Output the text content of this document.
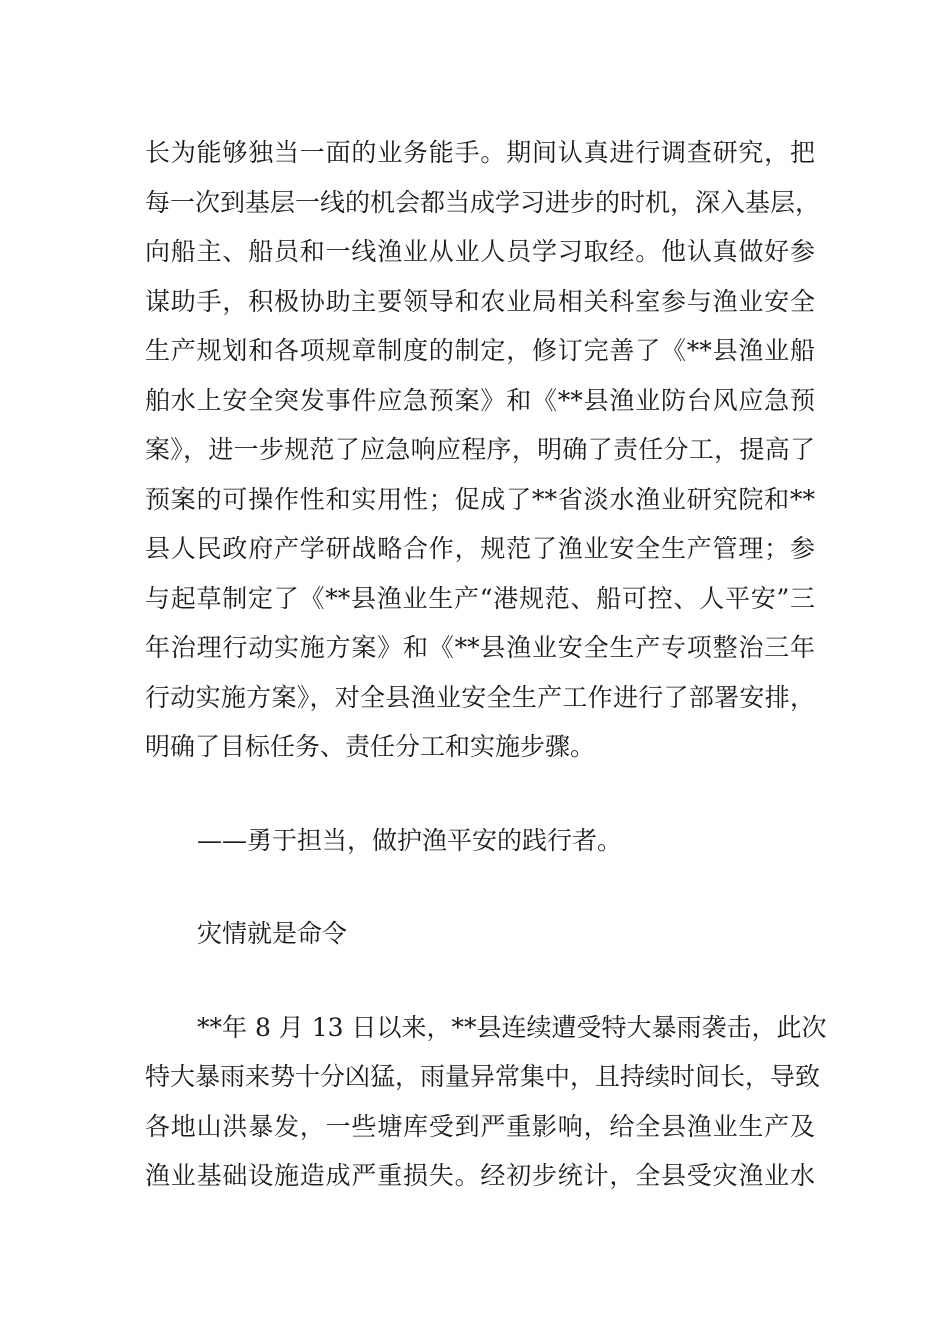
长为能够独当一面的业务能手。期间认真进行调查研究，把
每一次到基层一线的机会都当成学习进步的时机，深入基层，
向船主、船员和一线渔业从业人员学习取经。他认真做好参
谋助手，积极协助主要领导和农业局相关科室参与渔业安全
生产规划和各项规章制度的制定，修订完善了《**县渔业船
舶水上安全突发事件应急预案》和《**县渔业防台风应急预
案》，进一步规范了应急响应程序，明确了责任分工，提高了
预案的可操作性和实用性；促成了**省淡水渔业研究院和**
县人民政府产学研战略合作，规范了渔业安全生产管理；参
与起草制定了《**县渔业生产“港规范、船可控、人平安”三
年治理行动实施方案》和《**县渔业安全生产专项整治三年
行动实施方案》，对全县渔业安全生产工作进行了部署安排，
明确了目标任务、责任分工和实施步骤。
——勇于担当，做护渔平安的践行者。
灾情就是命令
**年 8 月 13 日以来，**县连续遭受特大暴雨袭击，此次
特大暴雨来势十分凶猛，雨量异常集中，且持续时间长，导致
各地山洪暴发，一些塘库受到严重影响，给全县渔业生产及
渔业基础设施造成严重损失。经初步统计，全县受灾渔业水
